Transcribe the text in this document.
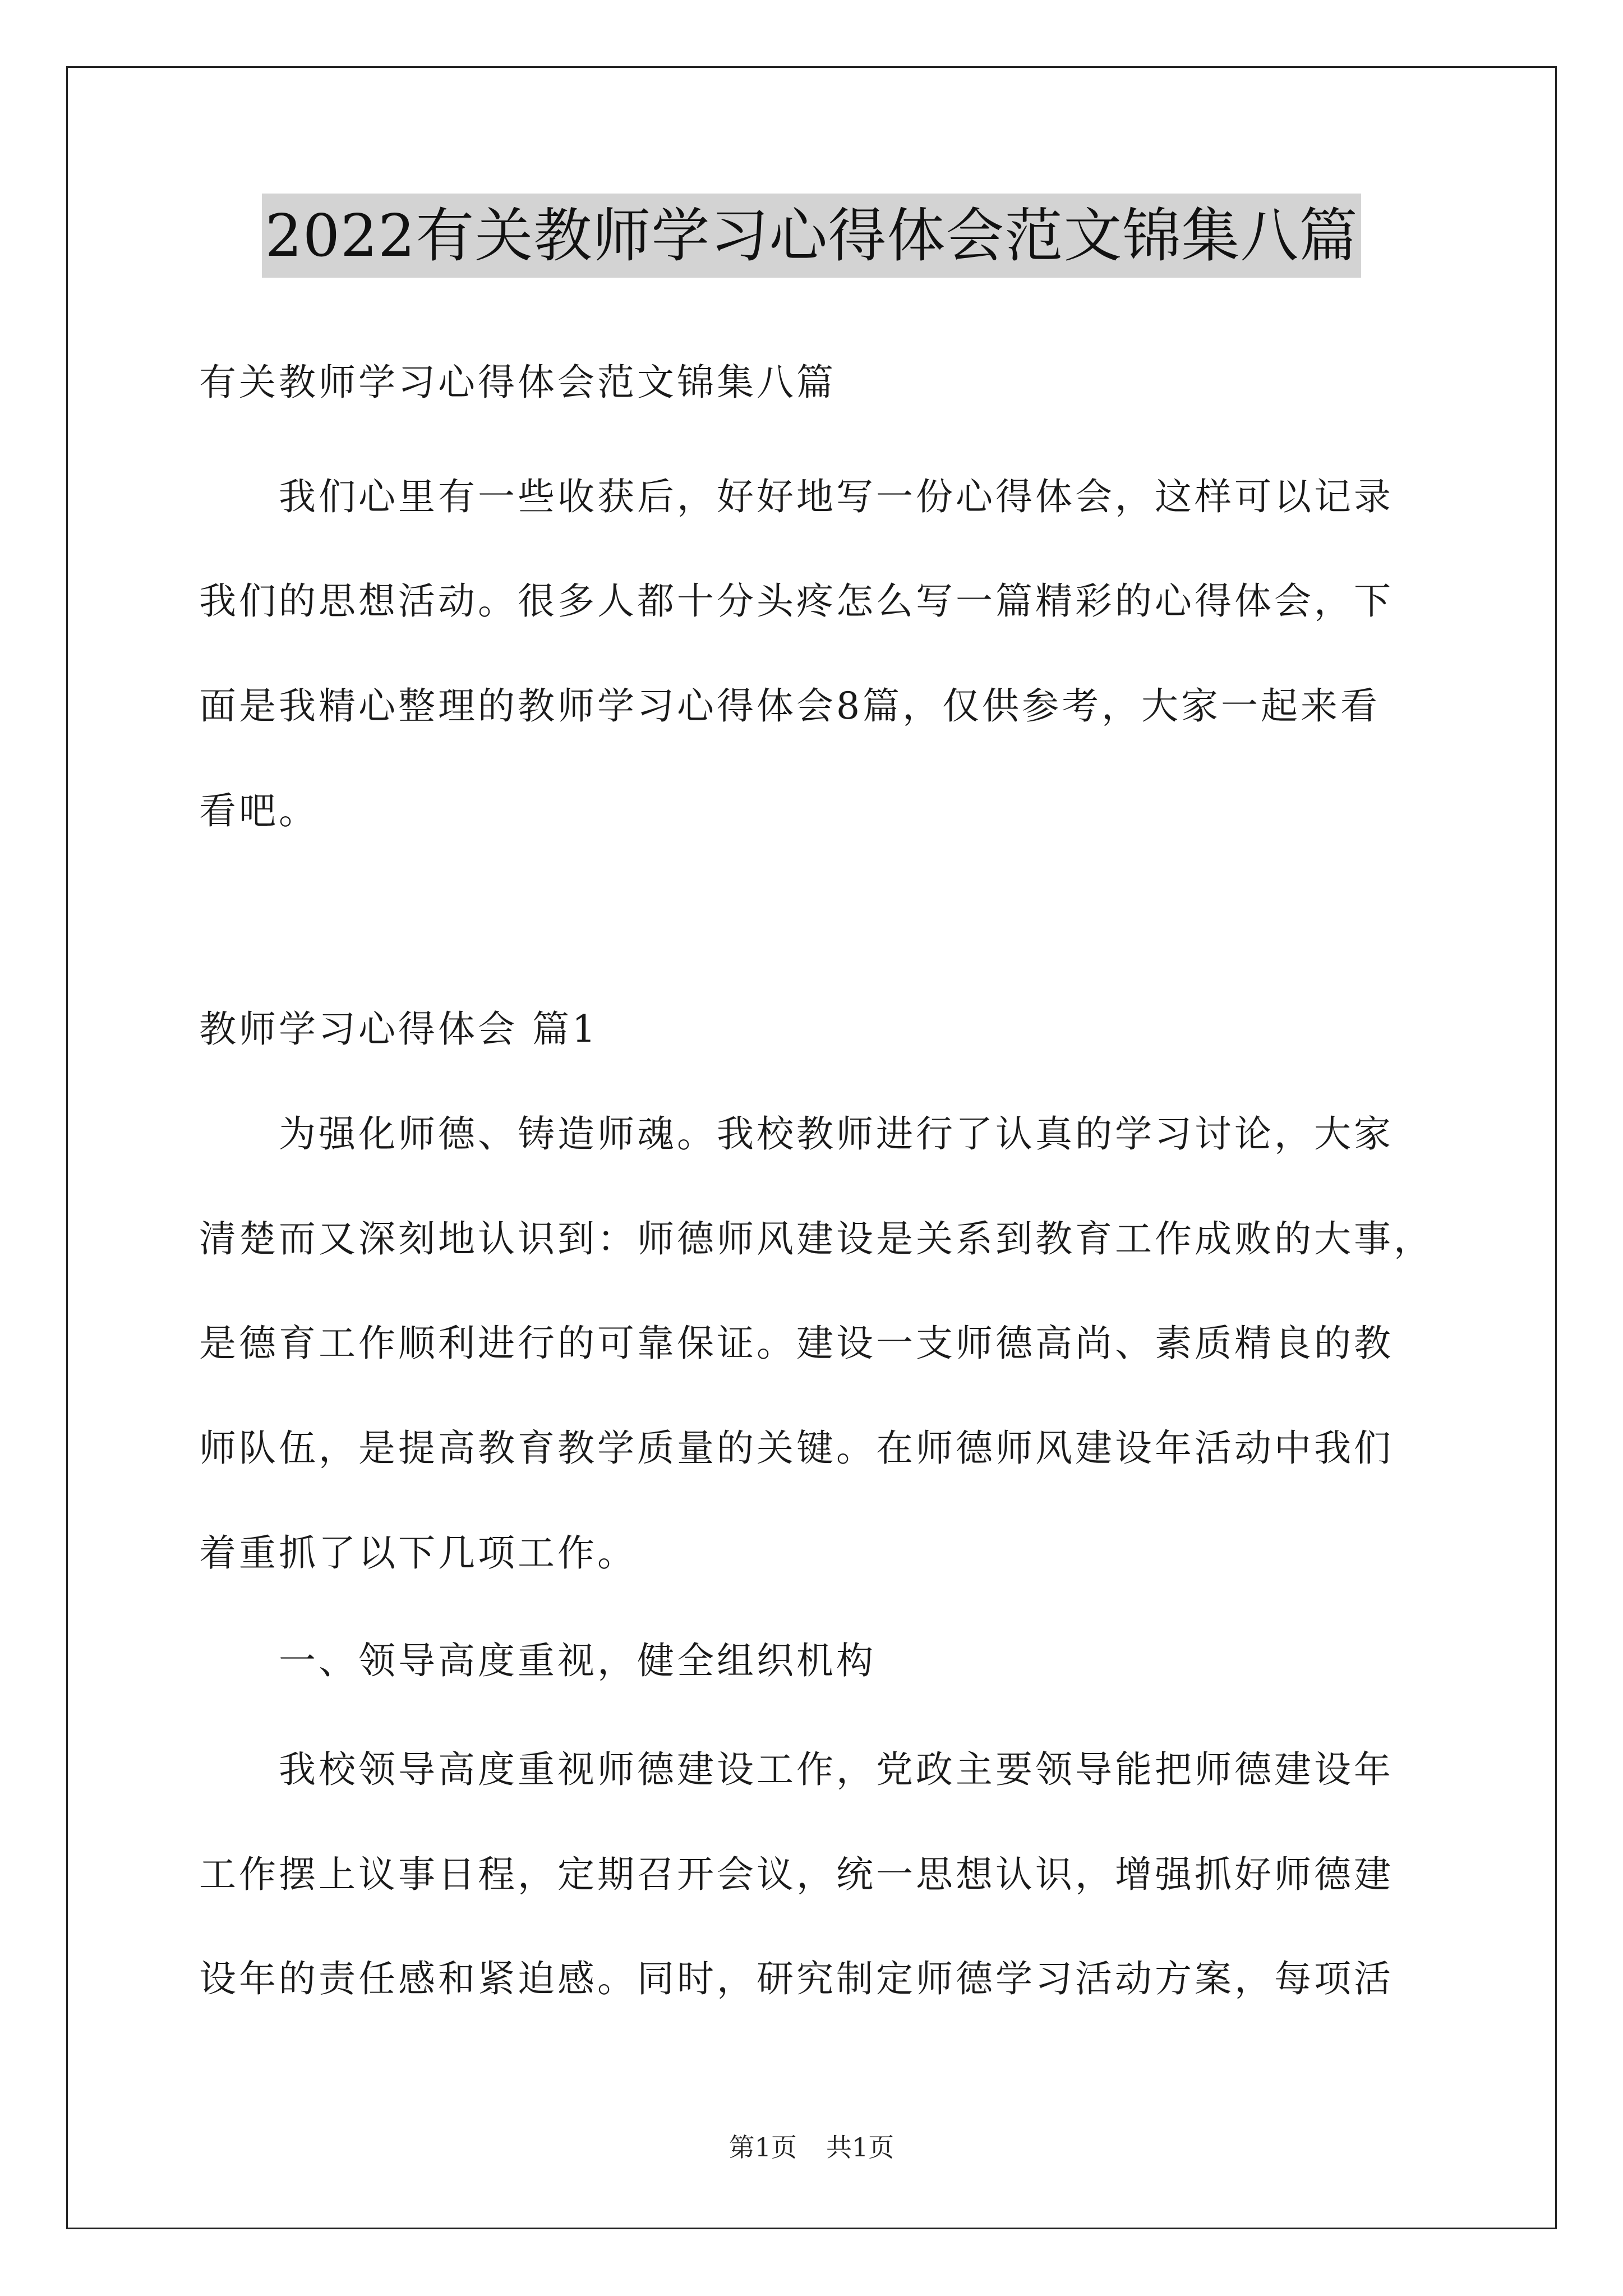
2022有关教师学习心得体会范文锦集八篇
有关教师学习心得体会范文锦集八篇
　　我们心里有一些收获后，好好地写一份心得体会，这样可以记录
我们的思想活动。很多人都十分头疼怎么写一篇精彩的心得体会，下
面是我精心整理的教师学习心得体会8篇，仅供参考，大家一起来看
看吧。
教师学习心得体会 篇1
　　为强化师德、铸造师魂。我校教师进行了认真的学习讨论，大家
清楚而又深刻地认识到：师德师风建设是关系到教育工作成败的大事，
是德育工作顺利进行的可靠保证。建设一支师德高尚、素质精良的教
师队伍，是提高教育教学质量的关键。在师德师风建设年活动中我们
着重抓了以下几项工作。
　　一、领导高度重视，健全组织机构
　　我校领导高度重视师德建设工作，党政主要领导能把师德建设年
工作摆上议事日程，定期召开会议，统一思想认识，增强抓好师德建
设年的责任感和紧迫感。同时，研究制定师德学习活动方案，每项活
第1页 共1页
